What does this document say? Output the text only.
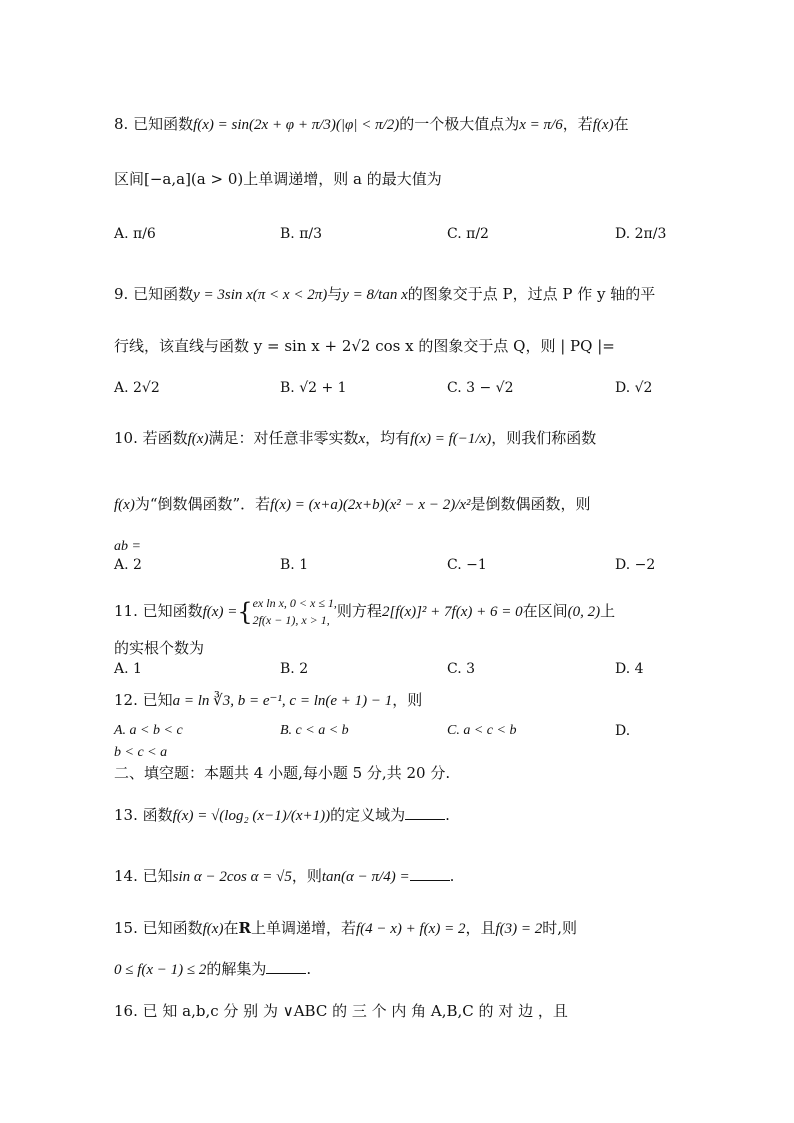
8. 已知函数f(x) = sin(2x + φ + π/3)(|φ| < π/2)的一个极大值点为x = π/6，若f(x)在
区间[−a,a](a > 0)上单调递增，则 a 的最大值为
A. π/6	B. π/3	C. π/2	D. 2π/3
9. 已知函数y = 3sin x(π < x < 2π)与y = 8/tan x的图象交于点 P，过点 P 作 y 轴的平
行线，该直线与函数 y = sin x + 2√2 cos x 的图象交于点 Q，则 | PQ |=
A. 2√2	B. √2 + 1	C. 3 − √2	D. √2
10. 若函数f(x)满足：对任意非零实数x，均有f(x) = f(−1/x)，则我们称函数
f(x)为“倒数偶函数”．若f(x) = (x+a)(2x+b)(x² − x − 2)/x²是倒数偶函数，则
ab =
A. 2	B. 1	C. −1	D. −2
11. 已知函数f(x) ={ ex ln x, 0 < x ≤ 1,
2f(x − 1), x > 1, 则方程2[f(x)]² + 7f(x) + 6 = 0在区间(0, 2)上
的实根个数为
A. 1	B. 2	C. 3	D. 4
12. 已知a = ln ∛3, b = e⁻¹, c = ln(e + 1) − 1，则
A. a < b < c	B. c < a < b	C. a < c < b	D.
b < c < a
二、填空题：本题共 4 小题,每小题 5 分,共 20 分.
13. 函数f(x) = √(log₂ (x−1)/(x+1))的定义域为	.
14. 已知sin α − 2cos α = √5，则tan(α − π/4) =	.
15. 已知函数f(x)在R上单调递增，若f(4 − x) + f(x) = 2，且f(3) = 2时,则
0 ≤ f(x − 1) ≤ 2的解集为	.
16. 已 知 a,b,c 分 别 为 ∨ABC 的 三 个 内 角 A,B,C 的 对 边 ，且
